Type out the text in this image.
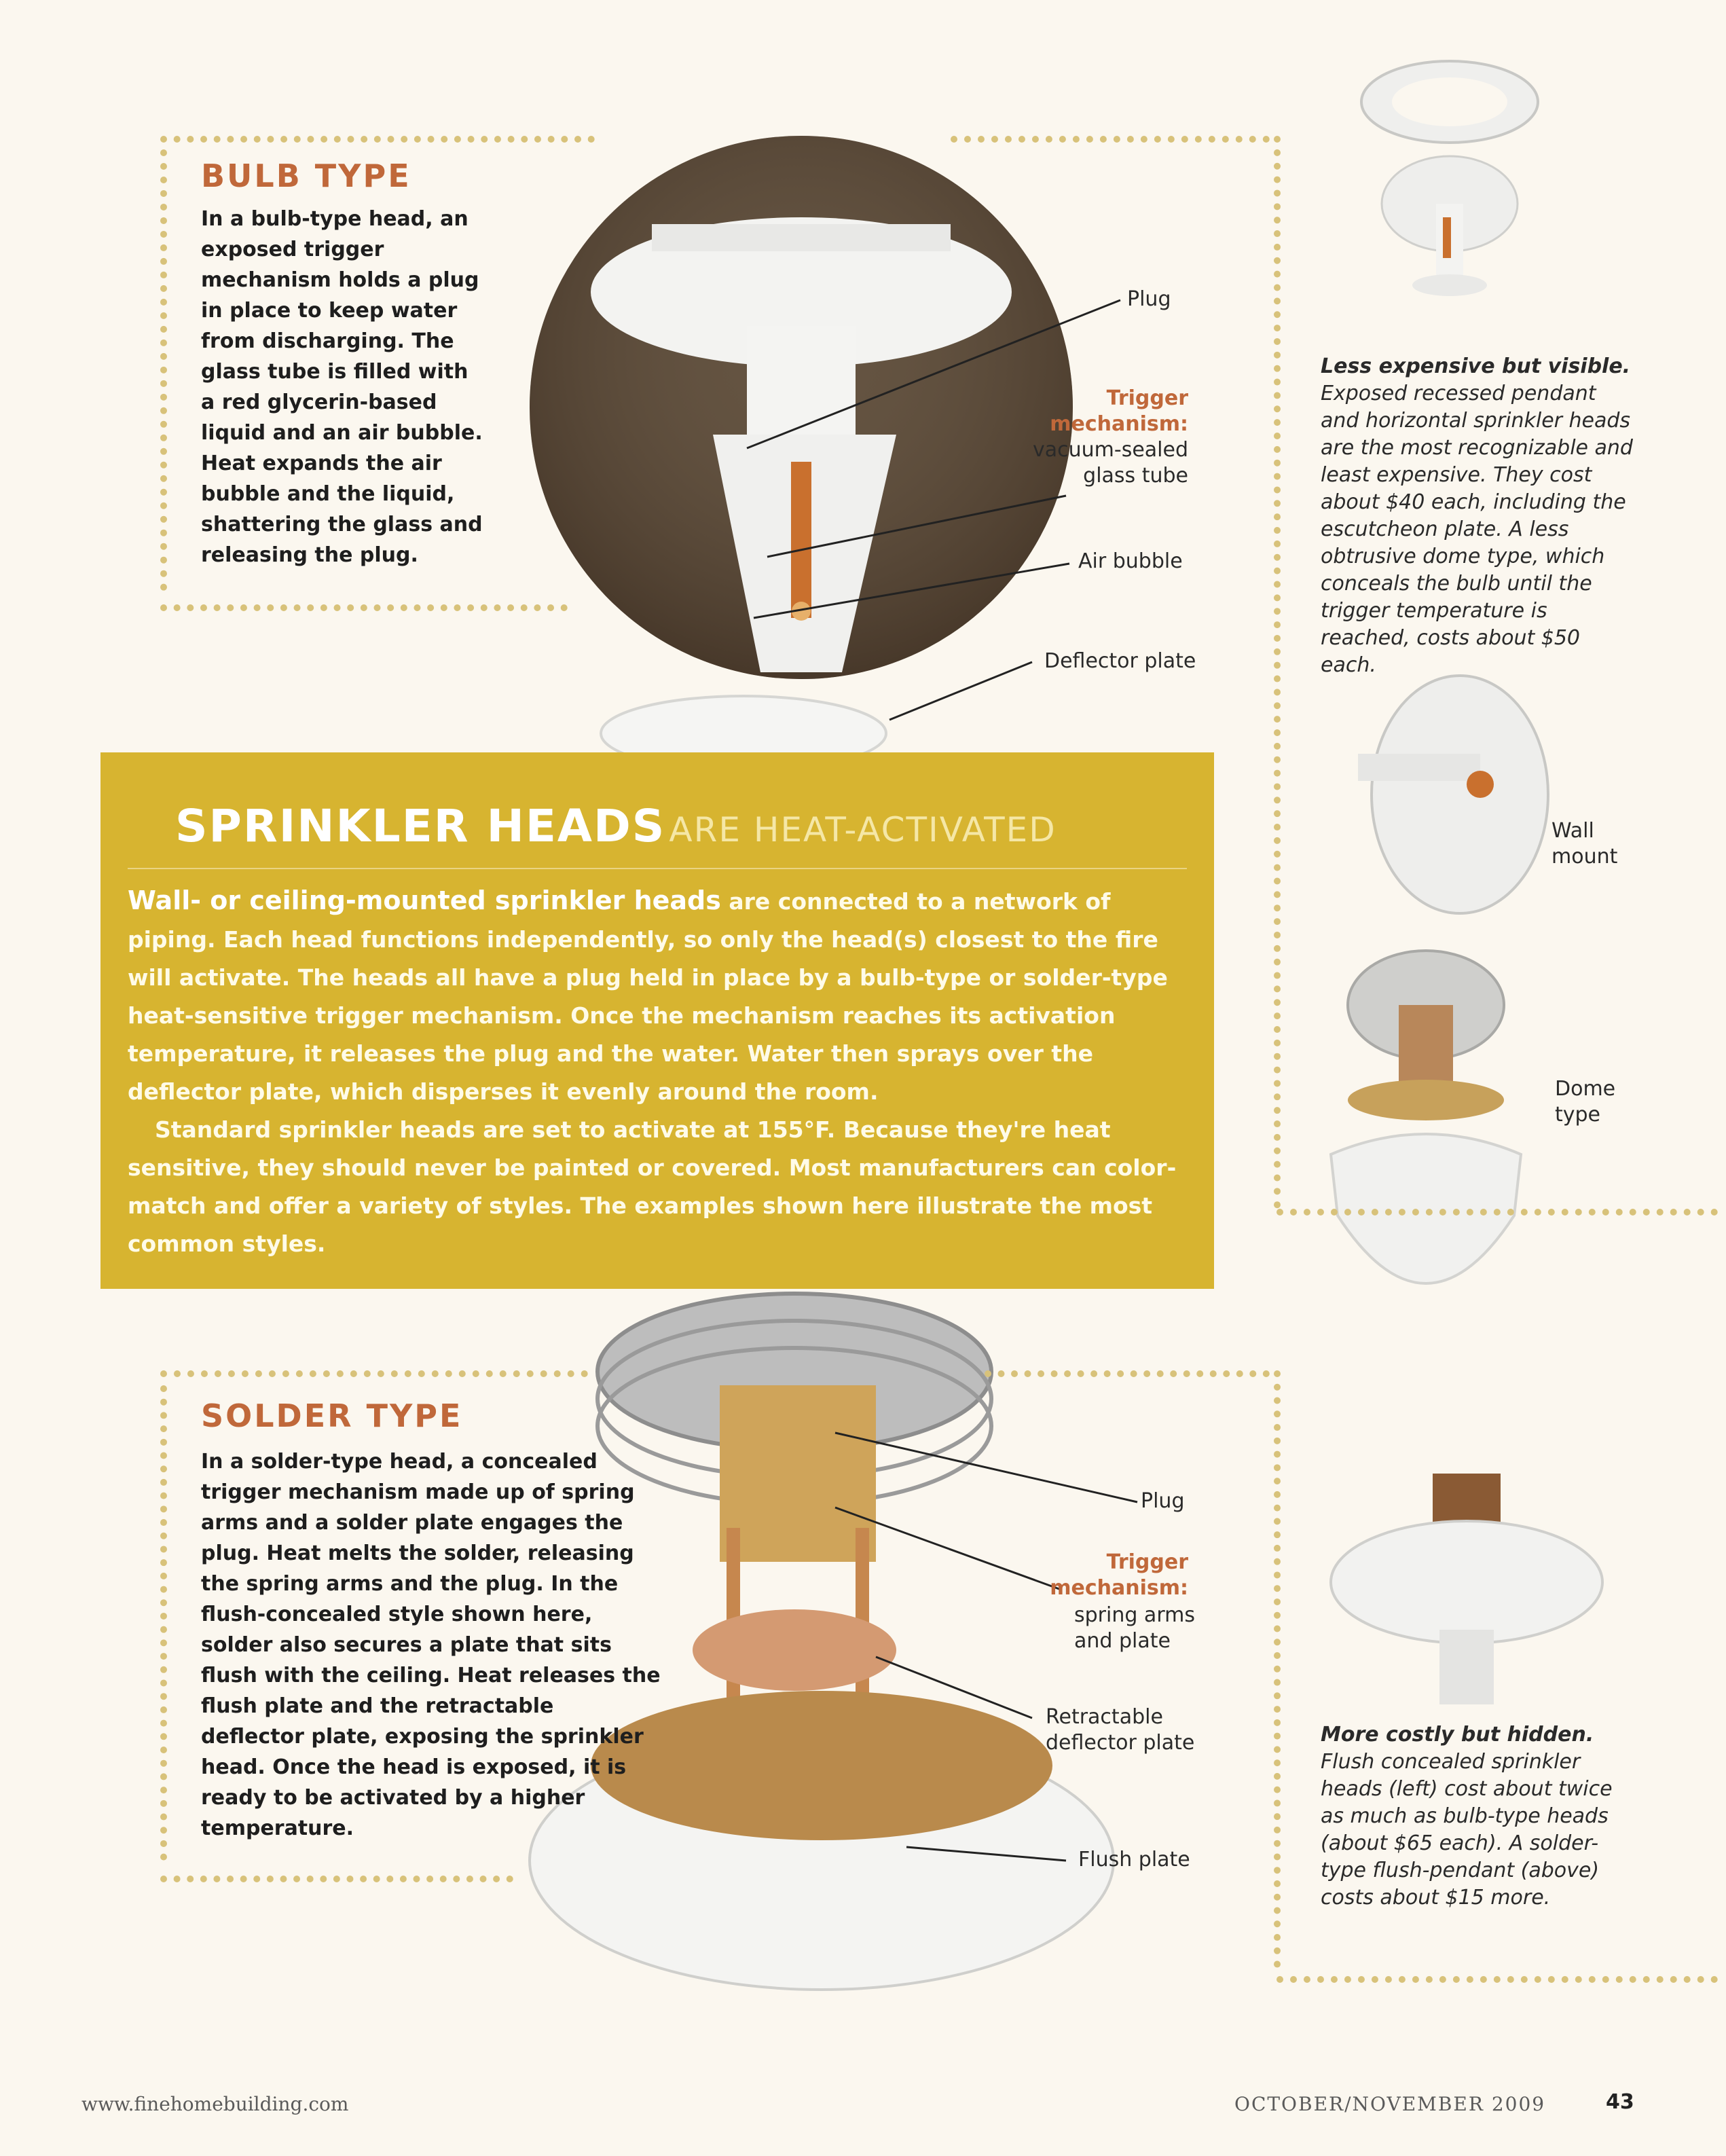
BULB TYPE
In a bulb-type head, an exposed trigger mechanism holds a plug in place to keep water from discharging. The glass tube is filled with a red glycerin-based liquid and an air bubble. Heat expands the air bubble and the liquid, shattering the glass and releasing the plug.
Plug
Trigger mechanism:
vacuum-sealed glass tube
Air bubble
Deflector plate
SPRINKLER HEADS ARE HEAT-ACTIVATED

Wall- or ceiling-mounted sprinkler heads are connected to a network of piping. Each head functions independently, so only the head(s) closest to the fire will activate. The heads all have a plug held in place by a bulb-type or solder-type heat-sensitive trigger mechanism. Once the mechanism reaches its activation temperature, it releases the plug and the water. Water then sprays over the deflector plate, which disperses it evenly around the room.

Standard sprinkler heads are set to activate at 155°F. Because they're heat sensitive, they should never be painted or covered. Most manufacturers can color-match and offer a variety of styles. The examples shown here illustrate the most common styles.

SOLDER TYPE
In a solder-type head, a concealed trigger mechanism made up of spring arms and a solder plate engages the plug. Heat melts the solder, releasing the spring arms and the plug. In the flush-concealed style shown here, solder also secures a plate that sits flush with the ceiling. Heat releases the flush plate and the retractable deflector plate, exposing the sprinkler head. Once the head is exposed, it is ready to be activated by a higher temperature.
Plug
Trigger mechanism:
spring arms and plate
Retractable deflector plate
Flush plate
Less expensive but visible. Exposed recessed pendant and horizontal sprinkler heads are the most recognizable and least expensive. They cost about $40 each, including the escutcheon plate. A less obtrusive dome type, which conceals the bulb until the trigger temperature is reached, costs about $50 each.
Wall mount
Dome type
More costly but hidden. Flush concealed sprinkler heads (left) cost about twice as much as bulb-type heads (about $65 each). A solder-type flush-pendant (above) costs about $15 more.
www.finehomebuilding.com	OCTOBER/NOVEMBER 2009	43
